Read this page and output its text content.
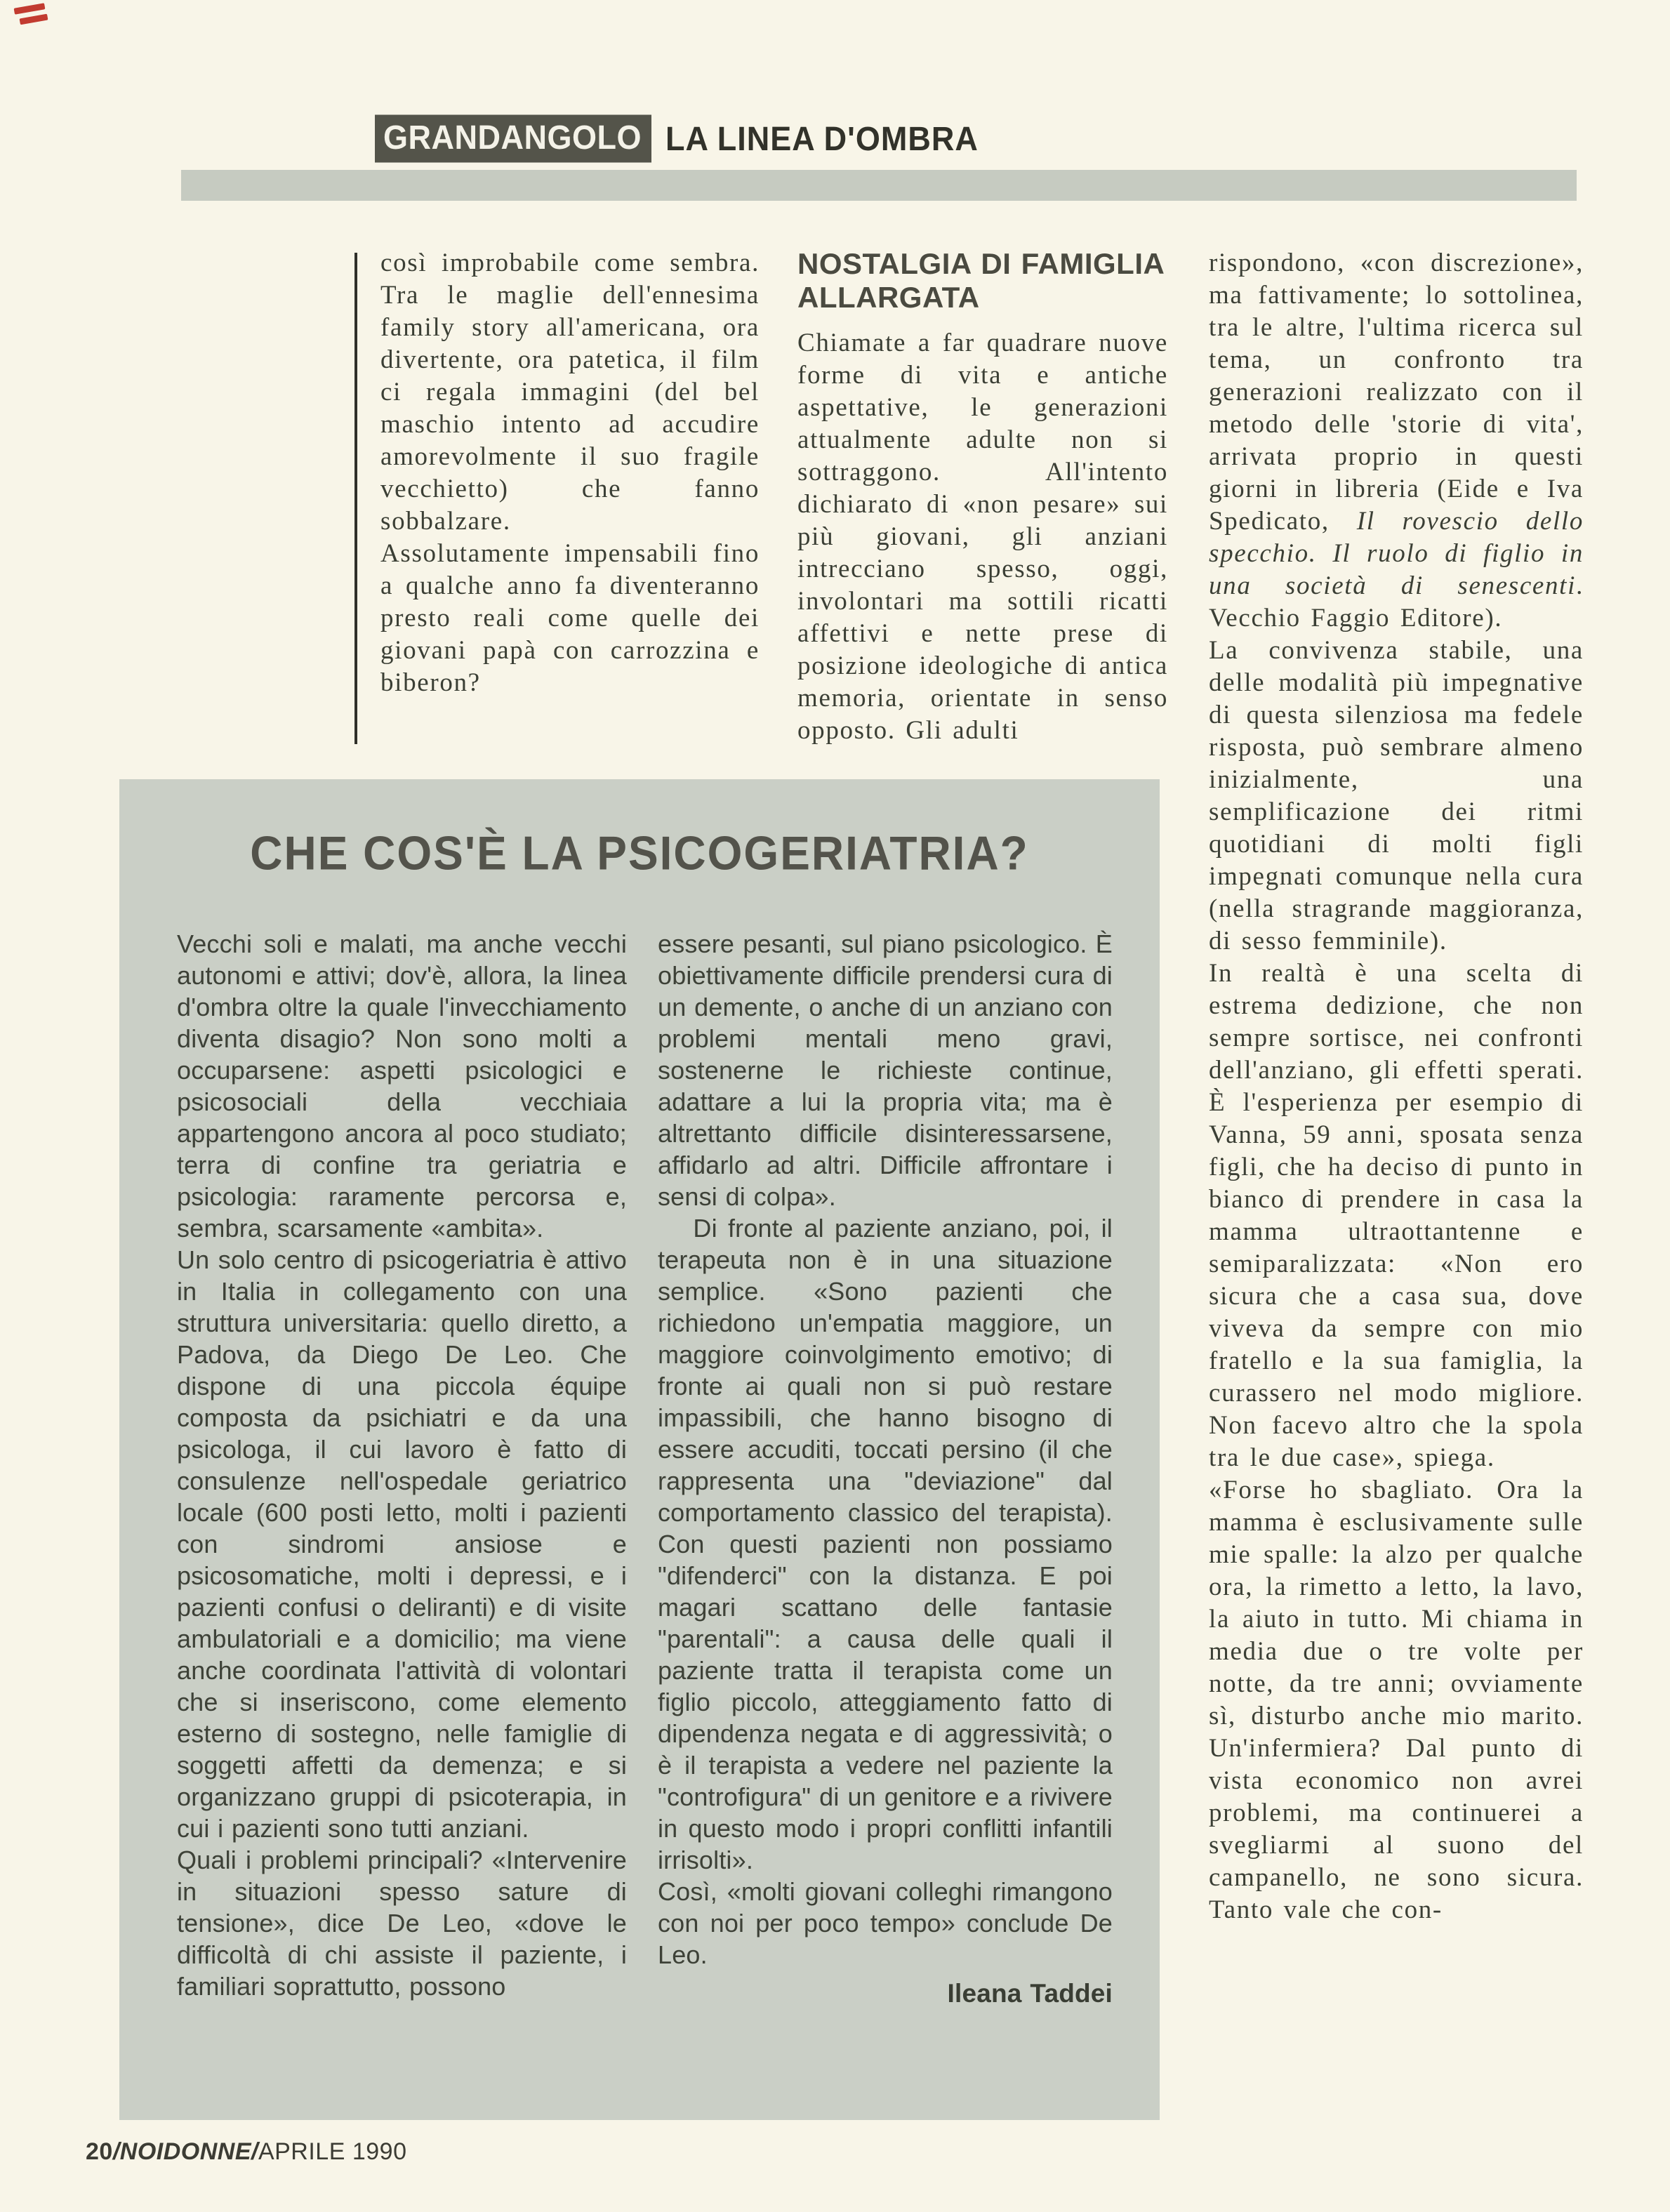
GRANDANGOLO LA LINEA D'OMBRA

così improbabile come sembra. Tra le maglie dell'ennesima family story all'americana, ora divertente, ora patetica, il film ci regala immagini (del bel maschio intento ad accudire amorevolmente il suo fragile vecchietto) che fanno sobbalzare.

Assolutamente impensabili fino a qualche anno fa diventeranno presto reali come quelle dei giovani papà con carrozzina e biberon?

NOSTALGIA DI FAMIGLIA ALLARGATA

Chiamate a far quadrare nuove forme di vita e antiche aspettative, le generazioni attualmente adulte non si sottraggono. All'intento dichiarato di «non pesare» sui più giovani, gli anziani intrecciano spesso, oggi, involontari ma sottili ricatti affettivi e nette prese di posizione ideologiche di antica memoria, orientate in senso opposto. Gli adulti

rispondono, «con discrezione», ma fattivamente; lo sottolinea, tra le altre, l'ultima ricerca sul tema, un confronto tra generazioni realizzato con il metodo delle 'storie di vita', arrivata proprio in questi giorni in libreria (Eide e Iva Spedicato, Il rovescio dello specchio. Il ruolo di figlio in una società di senescenti. Vecchio Faggio Editore).

La convivenza stabile, una delle modalità più impegnative di questa silenziosa ma fedele risposta, può sembrare almeno inizialmente, una semplificazione dei ritmi quotidiani di molti figli impegnati comunque nella cura (nella stragrande maggioranza, di sesso femminile).

In realtà è una scelta di estrema dedizione, che non sempre sortisce, nei confronti dell'anziano, gli effetti sperati. È l'esperienza per esempio di Vanna, 59 anni, sposata senza figli, che ha deciso di punto in bianco di prendere in casa la mamma ultraottantenne e semiparalizzata: «Non ero sicura che a casa sua, dove viveva da sempre con mio fratello e la sua famiglia, la curassero nel modo migliore. Non facevo altro che la spola tra le due case», spiega.

«Forse ho sbagliato. Ora la mamma è esclusivamente sulle mie spalle: la alzo per qualche ora, la rimetto a letto, la lavo, la aiuto in tutto. Mi chiama in media due o tre volte per notte, da tre anni; ovviamente sì, disturbo anche mio marito. Un'infermiera? Dal punto di vista economico non avrei problemi, ma continuerei a svegliarmi al suono del campanello, ne sono sicura. Tanto vale che con-

CHE COS'È LA PSICOGERIATRIA?

Vecchi soli e malati, ma anche vecchi autonomi e attivi; dov'è, allora, la linea d'ombra oltre la quale l'invecchiamento diventa disagio? Non sono molti a occuparsene: aspetti psicologici e psicosociali della vecchiaia appartengono ancora al poco studiato; terra di confine tra geriatria e psicologia: raramente percorsa e, sembra, scarsamente «ambita».

Un solo centro di psicogeriatria è attivo in Italia in collegamento con una struttura universitaria: quello diretto, a Padova, da Diego De Leo. Che dispone di una piccola équipe composta da psichiatri e da una psicologa, il cui lavoro è fatto di consulenze nell'ospedale geriatrico locale (600 posti letto, molti i pazienti con sindromi ansiose e psicosomatiche, molti i depressi, e i pazienti confusi o deliranti) e di visite ambulatoriali e a domicilio; ma viene anche coordinata l'attività di volontari che si inseriscono, come elemento esterno di sostegno, nelle famiglie di soggetti affetti da demenza; e si organizzano gruppi di psicoterapia, in cui i pazienti sono tutti anziani.

Quali i problemi principali? «Intervenire in situazioni spesso sature di tensione», dice De Leo, «dove le difficoltà di chi assiste il paziente, i familiari soprattutto, possono

essere pesanti, sul piano psicologico. È obiettivamente difficile prendersi cura di un demente, o anche di un anziano con problemi mentali meno gravi, sostenerne le richieste continue, adattare a lui la propria vita; ma è altrettanto difficile disinteressarsene, affidarlo ad altri. Difficile affrontare i sensi di colpa».

Di fronte al paziente anziano, poi, il terapeuta non è in una situazione semplice. «Sono pazienti che richiedono un'empatia maggiore, un maggiore coinvolgimento emotivo; di fronte ai quali non si può restare impassibili, che hanno bisogno di essere accuditi, toccati persino (il che rappresenta una "deviazione" dal comportamento classico del terapista). Con questi pazienti non possiamo "difenderci" con la distanza. E poi magari scattano delle fantasie "parentali": a causa delle quali il paziente tratta il terapista come un figlio piccolo, atteggiamento fatto di dipendenza negata e di aggressività; o è il terapista a vedere nel paziente la "controfigura" di un genitore e a rivivere in questo modo i propri conflitti infantili irrisolti».

Così, «molti giovani colleghi rimangono con noi per poco tempo» conclude De Leo.

Ileana Taddei
20/NOIDONNE/APRILE 1990
